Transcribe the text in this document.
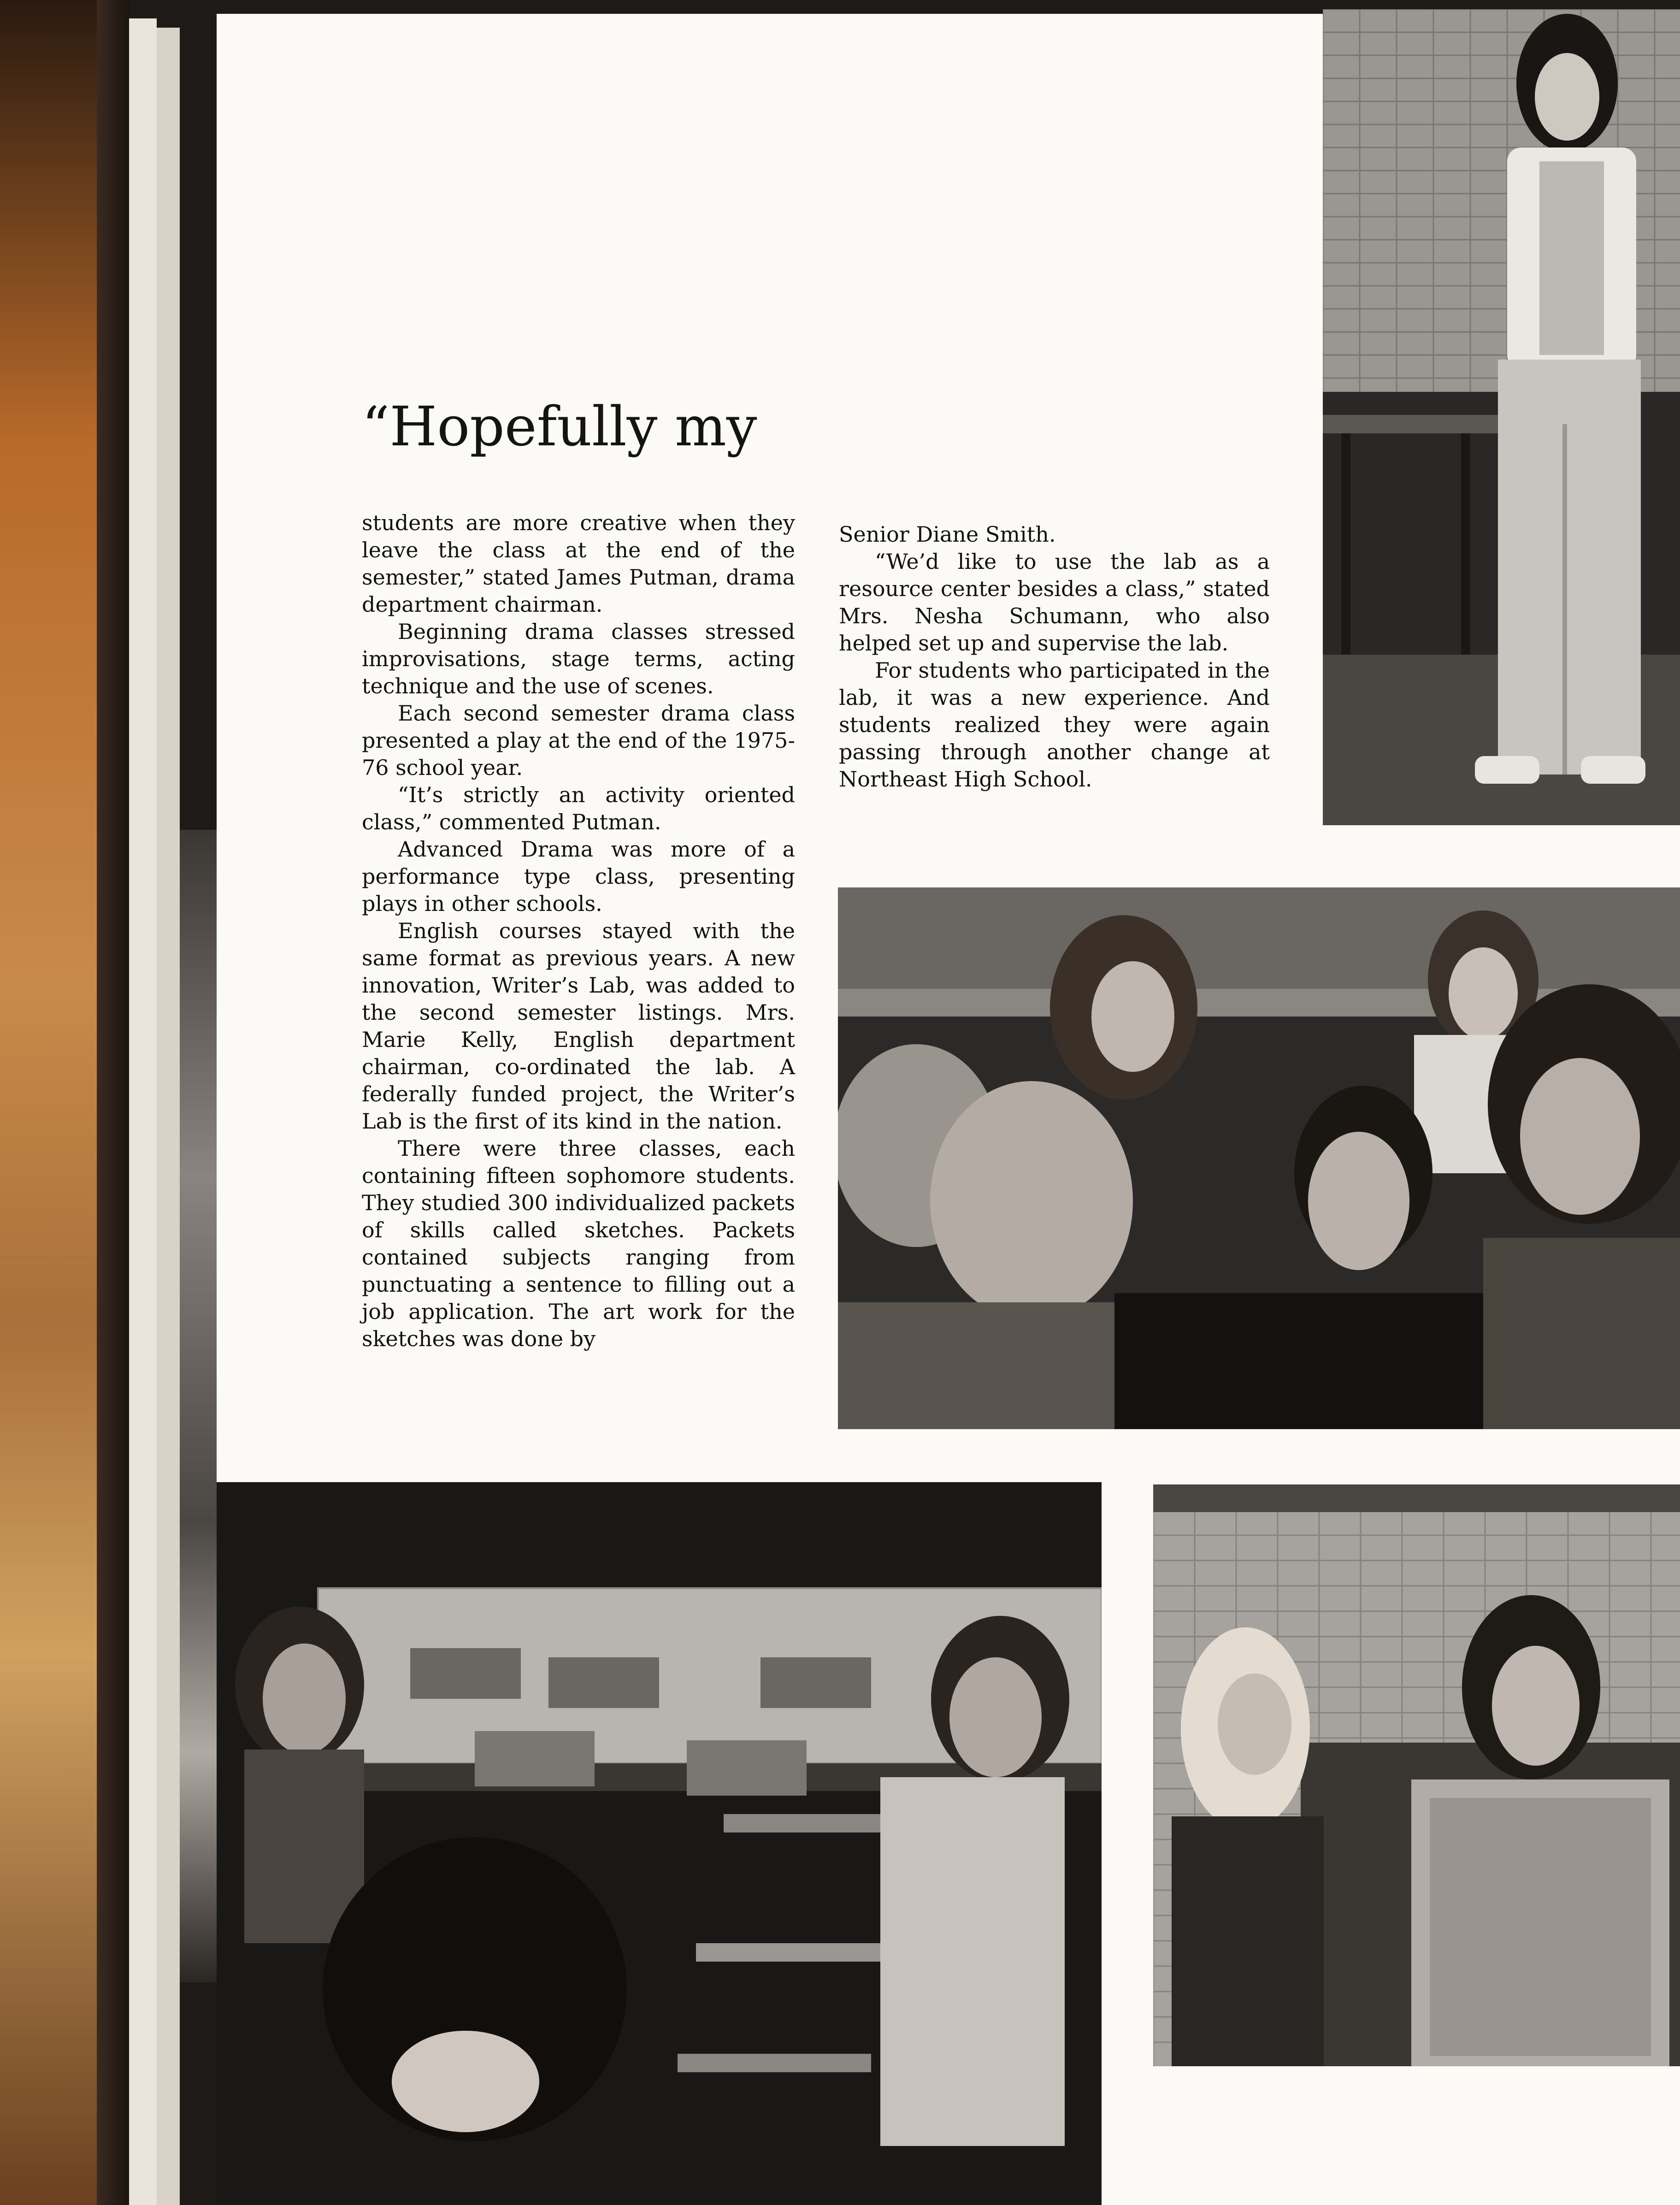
“Hopefully my

students are more creative when they leave the class at the end of the semester,” stated James Putman, drama department chairman.

Beginning drama classes stressed improvisations, stage terms, acting technique and the use of scenes.

Each second semester drama class presented a play at the end of the 1975-76 school year.

“It’s strictly an activity oriented class,” commented Putman.

Advanced Drama was more of a performance type class, presenting plays in other schools.

English courses stayed with the same format as previous years. A new innovation, Writer’s Lab, was added to the second semester listings. Mrs. Marie Kelly, English department chairman, co-ordinated the lab. A federally funded project, the Writer’s Lab is the first of its kind in the nation.

There were three classes, each containing fifteen sophomore students. They studied 300 individualized packets of skills called sketches. Packets contained subjects ranging from punctuating a sentence to filling out a job application. The art work for the sketches was done by

Senior Diane Smith.

“We’d like to use the lab as a resource center besides a class,” stated Mrs. Nesha Schumann, who also helped set up and supervise the lab.

For students who participated in the lab, it was a new experience. And students realized they were again passing through another change at Northeast High School.
